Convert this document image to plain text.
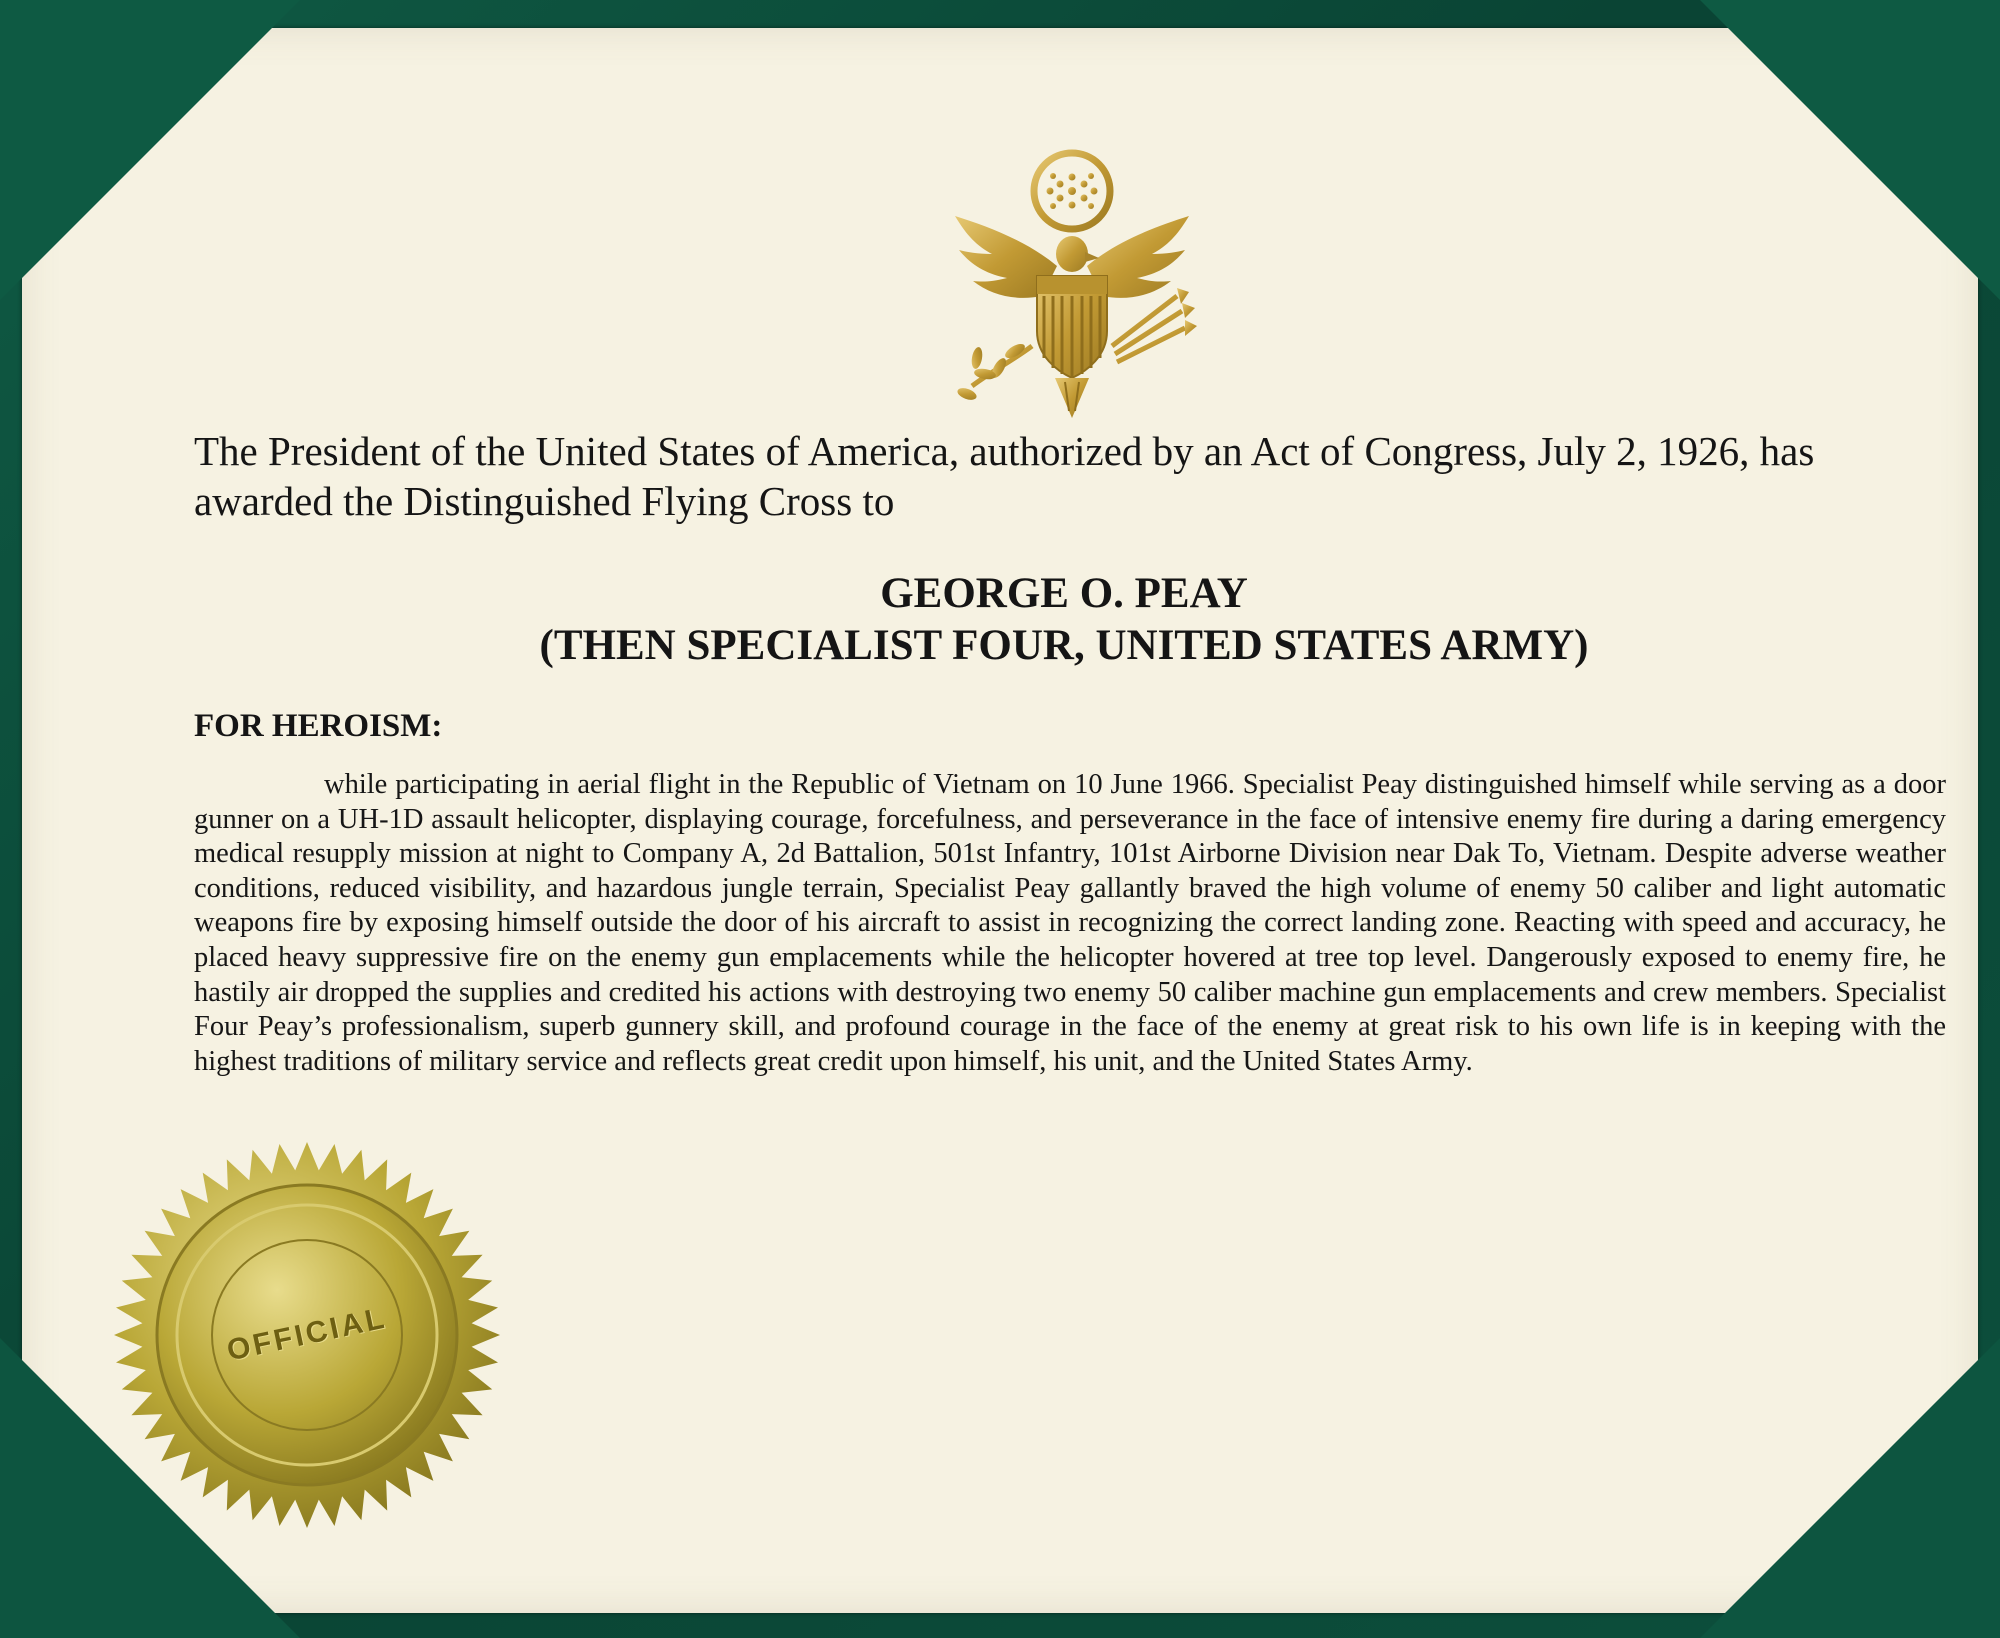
The President of the United States of America, authorized by an Act of Congress, July 2, 1926, has
awarded the Distinguished Flying Cross to
GEORGE O. PEAY
(THEN SPECIALIST FOUR, UNITED STATES ARMY)
FOR HEROISM:
while participating in aerial flight in the Republic of Vietnam on 10 June 1966. Specialist Peay distinguished himself while serving as a door gunner on a UH-1D assault helicopter, displaying courage, forcefulness, and perseverance in the face of intensive enemy fire during a daring emergency medical resupply mission at night to Company A, 2d Battalion, 501st Infantry, 101st Airborne Division near Dak To, Vietnam. Despite adverse weather conditions, reduced visibility, and hazardous jungle terrain, Specialist Peay gallantly braved the high volume of enemy 50 caliber and light automatic weapons fire by exposing himself outside the door of his aircraft to assist in recognizing the correct landing zone. Reacting with speed and accuracy, he placed heavy suppressive fire on the enemy gun emplacements while the helicopter hovered at tree top level. Dangerously exposed to enemy fire, he hastily air dropped the supplies and credited his actions with destroying two enemy 50 caliber machine gun emplacements and crew members. Specialist Four Peay’s professionalism, superb gunnery skill, and profound courage in the face of the enemy at great risk to his own life is in keeping with the highest traditions of military service and reflects great credit upon himself, his unit, and the United States Army.
OFFICIAL
